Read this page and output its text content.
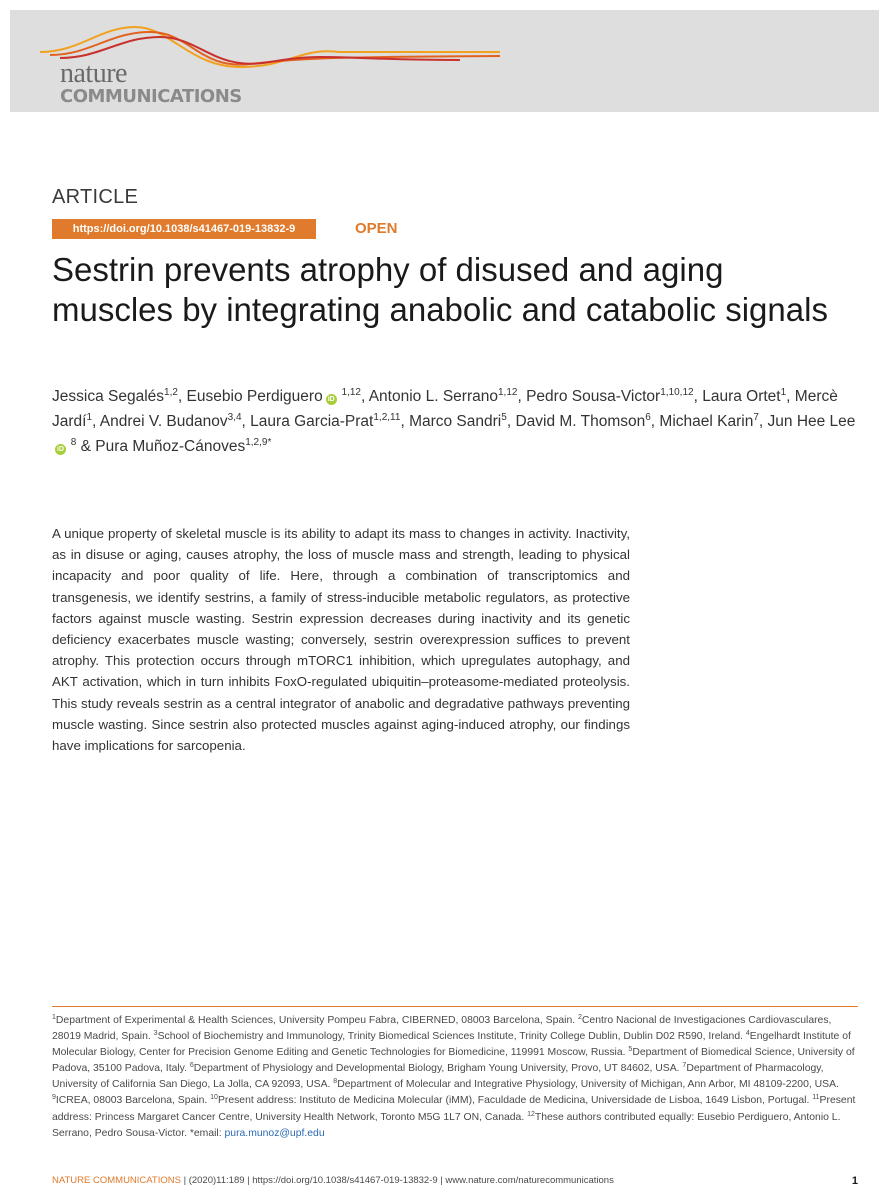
nature
COMMUNICATIONS
ARTICLE
https://doi.org/10.1038/s41467-019-13832-9	OPEN
Sestrin prevents atrophy of disused and aging muscles by integrating anabolic and catabolic signals
Jessica Segalés$^{1,2}$, Eusebio Perdiguero iD $^{1,12}$, Antonio L. Serrano$^{1,12}$, Pedro Sousa-Victor$^{1,10,12}$, Laura Ortet$^1$, Mercè Jardí$^1$, Andrei V. Budanov$^{3,4}$, Laura Garcia-Prat$^{1,2,11}$, Marco Sandri$^5$, David M. Thomson$^6$, Michael Karin$^7$, Jun Hee LeeiD $^8$ & Pura Muñoz-Cánoves$^{1,2,9*}$

A unique property of skeletal muscle is its ability to adapt its mass to changes in activity. Inactivity, as in disuse or aging, causes atrophy, the loss of muscle mass and strength, leading to physical incapacity and poor quality of life. Here, through a combination of transcriptomics and transgenesis, we identify sestrins, a family of stress-inducible metabolic regulators, as protective factors against muscle wasting. Sestrin expression decreases during inactivity and its genetic deficiency exacerbates muscle wasting; conversely, sestrin overexpression suffices to prevent atrophy. This protection occurs through mTORC1 inhibition, which upregulates autophagy, and AKT activation, which in turn inhibits FoxO-regulated ubiquitin–proteasome-mediated proteolysis. This study reveals sestrin as a central integrator of anabolic and degradative pathways preventing muscle wasting. Since sestrin also protected muscles against aging-induced atrophy, our findings have implications for sarcopenia.

$^1$Department of Experimental & Health Sciences, University Pompeu Fabra, CIBERNED, 08003 Barcelona, Spain. $^2$Centro Nacional de Investigaciones Cardiovasculares, 28019 Madrid, Spain. $^3$School of Biochemistry and Immunology, Trinity Biomedical Sciences Institute, Trinity College Dublin, Dublin D02 R590, Ireland. $^4$Engelhardt Institute of Molecular Biology, Center for Precision Genome Editing and Genetic Technologies for Biomedicine, 119991 Moscow, Russia. $^5$Department of Biomedical Science, University of Padova, 35100 Padova, Italy. $^6$Department of Physiology and Developmental Biology, Brigham Young University, Provo, UT 84602, USA. $^7$Department of Pharmacology, University of California San Diego, La Jolla, CA 92093, USA. $^8$Department of Molecular and Integrative Physiology, University of Michigan, Ann Arbor, MI 48109-2200, USA. $^9$ICREA, 08003 Barcelona, Spain. $^{10}$Present address: Instituto de Medicina Molecular (iMM), Faculdade de Medicina, Universidade de Lisboa, 1649 Lisbon, Portugal. $^{11}$Present address: Princess Margaret Cancer Centre, University Health Network, Toronto M5G 1L7 ON, Canada. $^{12}$These authors contributed equally: Eusebio Perdiguero, Antonio L. Serrano, Pedro Sousa-Victor. *email: pura.munoz@upf.edu

NATURE COMMUNICATIONS | (2020)11:189 | https://doi.org/10.1038/s41467-019-13832-9 | www.nature.com/naturecommunications	1
